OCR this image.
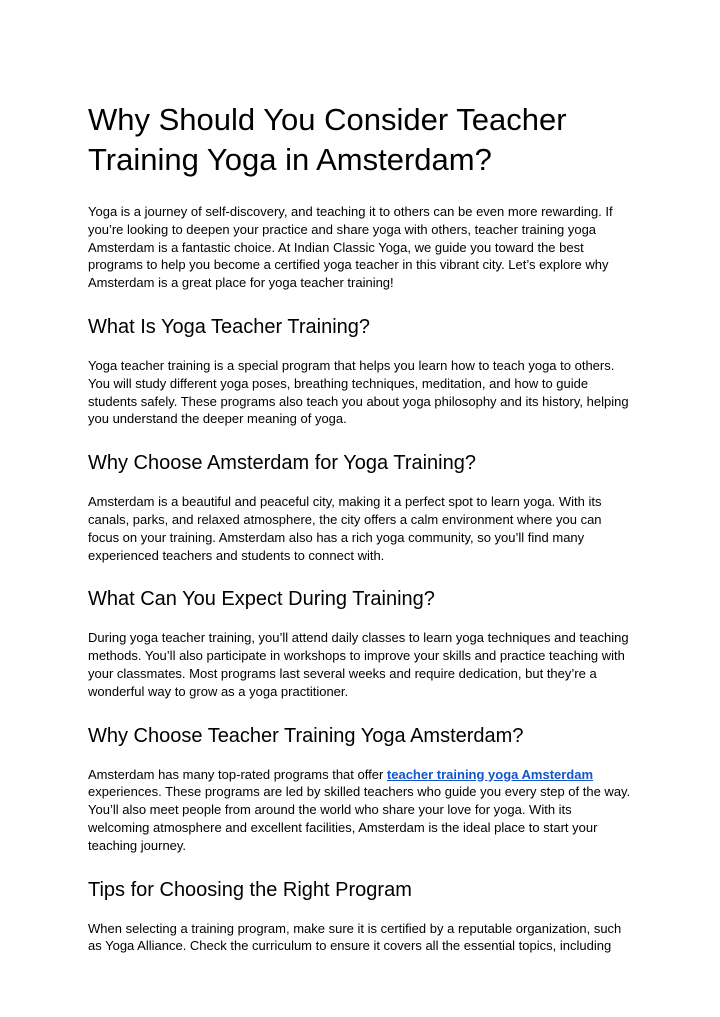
Why Should You Consider Teacher Training Yoga in Amsterdam?

Yoga is a journey of self-discovery, and teaching it to others can be even more rewarding. If you’re looking to deepen your practice and share yoga with others, teacher training yoga Amsterdam is a fantastic choice. At Indian Classic Yoga, we guide you toward the best programs to help you become a certified yoga teacher in this vibrant city. Let’s explore why Amsterdam is a great place for yoga teacher training!

What Is Yoga Teacher Training?

Yoga teacher training is a special program that helps you learn how to teach yoga to others. You will study different yoga poses, breathing techniques, meditation, and how to guide students safely. These programs also teach you about yoga philosophy and its history, helping you understand the deeper meaning of yoga.

Why Choose Amsterdam for Yoga Training?

Amsterdam is a beautiful and peaceful city, making it a perfect spot to learn yoga. With its canals, parks, and relaxed atmosphere, the city offers a calm environment where you can focus on your training. Amsterdam also has a rich yoga community, so you’ll find many experienced teachers and students to connect with.

What Can You Expect During Training?

During yoga teacher training, you’ll attend daily classes to learn yoga techniques and teaching methods. You’ll also participate in workshops to improve your skills and practice teaching with your classmates. Most programs last several weeks and require dedication, but they’re a wonderful way to grow as a yoga practitioner.

Why Choose Teacher Training Yoga Amsterdam?

Amsterdam has many top-rated programs that offer teacher training yoga Amsterdam experiences. These programs are led by skilled teachers who guide you every step of the way. You’ll also meet people from around the world who share your love for yoga. With its welcoming atmosphere and excellent facilities, Amsterdam is the ideal place to start your teaching journey.

Tips for Choosing the Right Program

When selecting a training program, make sure it is certified by a reputable organization, such as Yoga Alliance. Check the curriculum to ensure it covers all the essential topics, including
